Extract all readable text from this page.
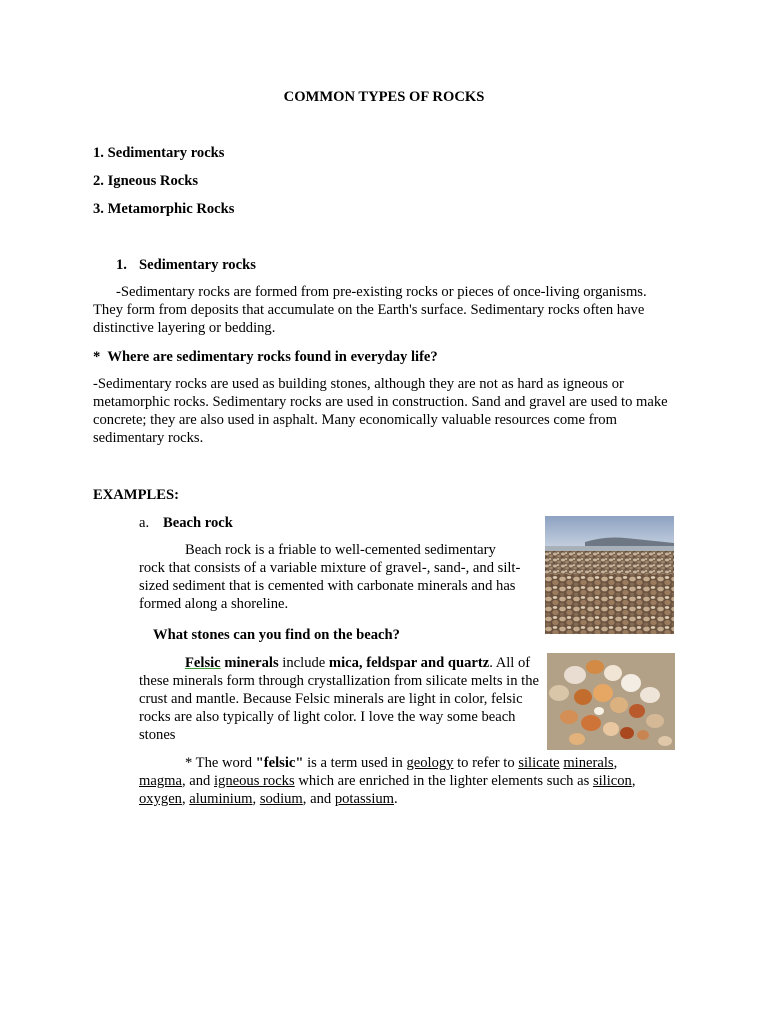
COMMON TYPES OF ROCKS
1. Sedimentary rocks
2. Igneous Rocks
3. Metamorphic Rocks
1. Sedimentary rocks
-Sedimentary rocks are formed from pre-existing rocks or pieces of once-living organisms. They form from deposits that accumulate on the Earth's surface. Sedimentary rocks often have distinctive layering or bedding.
* Where are sedimentary rocks found in everyday life?
-Sedimentary rocks are used as building stones, although they are not as hard as igneous or metamorphic rocks. Sedimentary rocks are used in construction. Sand and gravel are used to make concrete; they are also used in asphalt. Many economically valuable resources come from sedimentary rocks.
EXAMPLES:
a. Beach rock
Beach rock is a friable to well-cemented sedimentary rock that consists of a variable mixture of gravel-, sand-, and silt-sized sediment that is cemented with carbonate minerals and has formed along a shoreline.
What stones can you find on the beach?
Felsic minerals include mica, feldspar and quartz. All of these minerals form through crystallization from silicate melts in the crust and mantle. Because Felsic minerals are light in color, felsic rocks are also typically of light color. I love the way some beach stones
* The word "felsic" is a term used in geology to refer to silicate minerals, magma, and igneous rocks which are enriched in the lighter elements such as silicon, oxygen, aluminium, sodium, and potassium.
